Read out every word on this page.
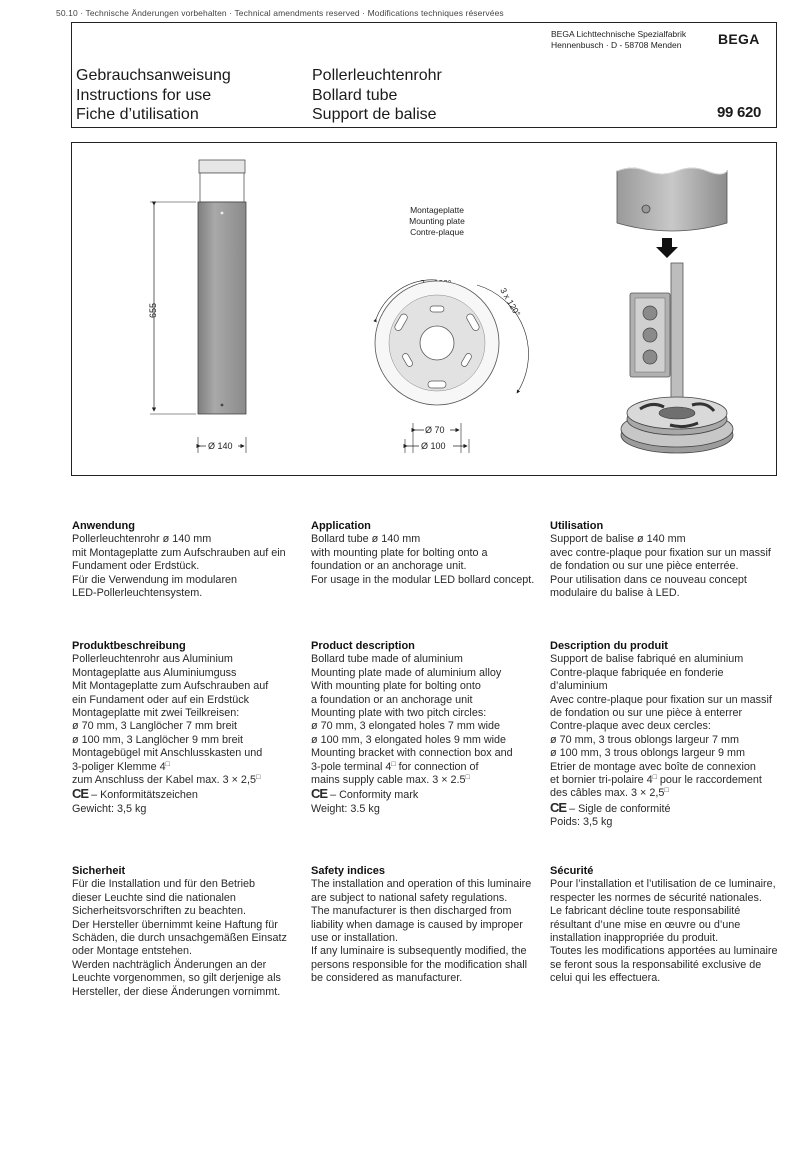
50.10 · Technische Änderungen vorbehalten · Technical amendments reserved · Modifications techniques réservées
BEGA Lichttechnische Spezialfabrik
Hennenbusch · D - 58708 Menden	BEGA
Gebrauchsanweisung
Instructions for use
Fiche d’utilisation
Pollerleuchtenrohr
Bollard tube
Support de balise	99 620
655
Ø 140
Montageplatte
Mounting plate
Contre-plaque
3 x 120°
Ø 70
Ø 100
Anwendung
Pollerleuchtenrohr ø 140 mm
mit Montageplatte zum Aufschrauben auf ein
Fundament oder Erdstück.
Für die Verwendung im modularen
LED-Pollerleuchtensystem.
Produktbeschreibung
Pollerleuchtenrohr aus Aluminium
Montageplatte aus Aluminiumguss
Mit Montageplatte zum Aufschrauben auf
ein Fundament oder auf ein Erdstück
Montageplatte mit zwei Teilkreisen:
ø 70 mm, 3 Langlöcher 7 mm breit
ø 100 mm, 3 Langlöcher 9 mm breit
Montagebügel mit Anschlusskasten und
3-poliger Klemme 4□
zum Anschluss der Kabel max. 3 × 2,5□
CE – Konformitätszeichen
Gewicht: 3,5 kg
Sicherheit
Für die Installation und für den Betrieb
dieser Leuchte sind die nationalen
Sicherheitsvorschriften zu beachten.
Der Hersteller übernimmt keine Haftung für
Schäden, die durch unsachgemäßen Einsatz
oder Montage entstehen.
Werden nachträglich Änderungen an der
Leuchte vorgenommen, so gilt derjenige als
Hersteller, der diese Änderungen vornimmt.
Application
Bollard tube ø 140 mm
with mounting plate for bolting onto a
foundation or an anchorage unit.
For usage in the modular LED bollard concept.
Product description
Bollard tube made of aluminium
Mounting plate made of aluminium alloy
With mounting plate for bolting onto
a foundation or an anchorage unit
Mounting plate with two pitch circles:
ø 70 mm, 3 elongated holes 7 mm wide
ø 100 mm, 3 elongated holes 9 mm wide
Mounting bracket with connection box and
3-pole terminal 4□ for connection of
mains supply cable max. 3 × 2.5□
CE – Conformity mark
Weight: 3.5 kg
Safety indices
The installation and operation of this luminaire
are subject to national safety regulations.
The manufacturer is then discharged from
liability when damage is caused by improper
use or installation.
If any luminaire is subsequently modified, the
persons responsible for the modification shall
be considered as manufacturer.
Utilisation
Support de balise ø 140 mm
avec contre-plaque pour fixation sur un massif
de fondation ou sur une pièce enterrée.
Pour utilisation dans ce nouveau concept
modulaire du balise à LED.
Description du produit
Support de balise fabriqué en aluminium
Contre-plaque fabriquée en fonderie
d’aluminium
Avec contre-plaque pour fixation sur un massif
de fondation ou sur une pièce à enterrer
Contre-plaque avec deux cercles:
ø 70 mm, 3 trous oblongs largeur 7 mm
ø 100 mm, 3 trous oblongs largeur 9 mm
Etrier de montage avec boîte de connexion
et bornier tri-polaire 4□ pour le raccordement
des câbles max. 3 × 2,5□
CE – Sigle de conformité
Poids: 3,5 kg
Sécurité
Pour l’installation et l’utilisation de ce luminaire,
respecter les normes de sécurité nationales.
Le fabricant décline toute responsabilité
résultant d’une mise en œuvre ou d’une
installation inappropriée du produit.
Toutes les modifications apportées au luminaire
se feront sous la responsabilité exclusive de
celui qui les effectuera.
